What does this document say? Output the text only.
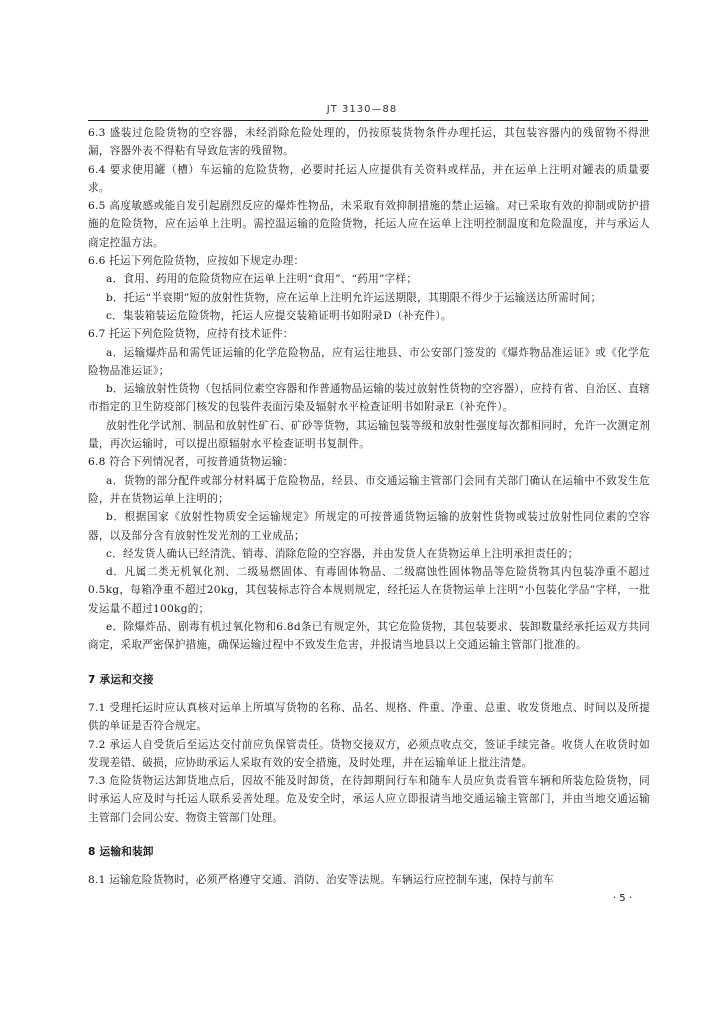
JT 3130—88

6.3 盛装过危险货物的空容器，未经消除危险处理的，仍按原装货物条件办理托运，其包装容器内的残留物不得泄漏，容器外表不得粘有导致危害的残留物。

6.4 要求使用罐（槽）车运输的危险货物，必要时托运人应提供有关资料或样品，并在运单上注明对罐表的质量要求。

6.5 高度敏感或能自发引起剧烈反应的爆炸性物品，未采取有效抑制措施的禁止运输。对已采取有效的抑制或防护措施的危险货物，应在运单上注明。需控温运输的危险货物，托运人应在运单上注明控制温度和危险温度，并与承运人商定控温方法。

6.6 托运下列危险货物，应按如下规定办理：

a．食用、药用的危险货物应在运单上注明“食用”、“药用”字样；

b．托运“半衰期”短的放射性货物，应在运单上注明允许运送期限，其期限不得少于运输送达所需时间；

c．集装箱装运危险货物，托运人应提交装箱证明书如附录D（补充件）。

6.7 托运下列危险货物，应持有技术证件：

a．运输爆炸品和需凭证运输的化学危险物品，应有运往地县、市公安部门签发的《爆炸物品准运证》或《化学危险物品准运证》；

b．运输放射性货物（包括同位素空容器和作普通物品运输的装过放射性货物的空容器），应持有省、自治区、直辖市指定的卫生防疫部门核发的包装件表面污染及辐射水平检查证明书如附录E（补充件）。

放射性化学试剂、制品和放射性矿石、矿砂等货物，其运输包装等级和放射性强度每次都相同时，允许一次测定剂量，再次运输时，可以提出原辐射水平检查证明书复制件。

6.8 符合下列情况者，可按普通货物运输：

a．货物的部分配件或部分材料属于危险物品，经县、市交通运输主管部门会同有关部门确认在运输中不致发生危险，并在货物运单上注明的；

b．根据国家《放射性物质安全运输规定》所规定的可按普通货物运输的放射性货物或装过放射性同位素的空容器，以及部分含有放射性发光剂的工业成品；

c．经发货人确认已经清洗、销毒、消除危险的空容器，并由发货人在货物运单上注明承担责任的；

d．凡属二类无机氧化剂、二级易燃固体、有毒固体物品、二级腐蚀性固体物品等危险货物其内包装净重不超过0.5kg，每箱净重不超过20kg，其包装标志符合本规则规定，经托运人在货物运单上注明“小包装化学品”字样，一批发运量不超过100kg的；

e．除爆炸品、剧毒有机过氧化物和6.8d条已有规定外，其它危险货物，其包装要求、装卸数量经承托运双方共同商定，采取严密保护措施，确保运输过程中不致发生危害，并报请当地县以上交通运输主管部门批准的。

7 承运和交接

7.1 受理托运时应认真核对运单上所填写货物的名称、品名、规格、件重、净重、总重、收发货地点、时间以及所提供的单证是否符合规定。

7.2 承运人自受货后至运达交付前应负保管责任。货物交接双方，必须点收点交，签证手续完备。收货人在收货时如发现差错、破损，应协助承运人采取有效的安全措施，及时处理，并在运输单证上批注清楚。

7.3 危险货物运达卸货地点后，因故不能及时卸货，在待卸期间行车和随车人员应负责看管车辆和所装危险货物，同时承运人应及时与托运人联系妥善处理。危及安全时，承运人应立即报请当地交通运输主管部门，并由当地交通运输主管部门会同公安、物资主管部门处理。

8 运输和装卸

8.1 运输危险货物时，必须严格遵守交通、消防、治安等法规。车辆运行应控制车速，保持与前车

· 5 ·
